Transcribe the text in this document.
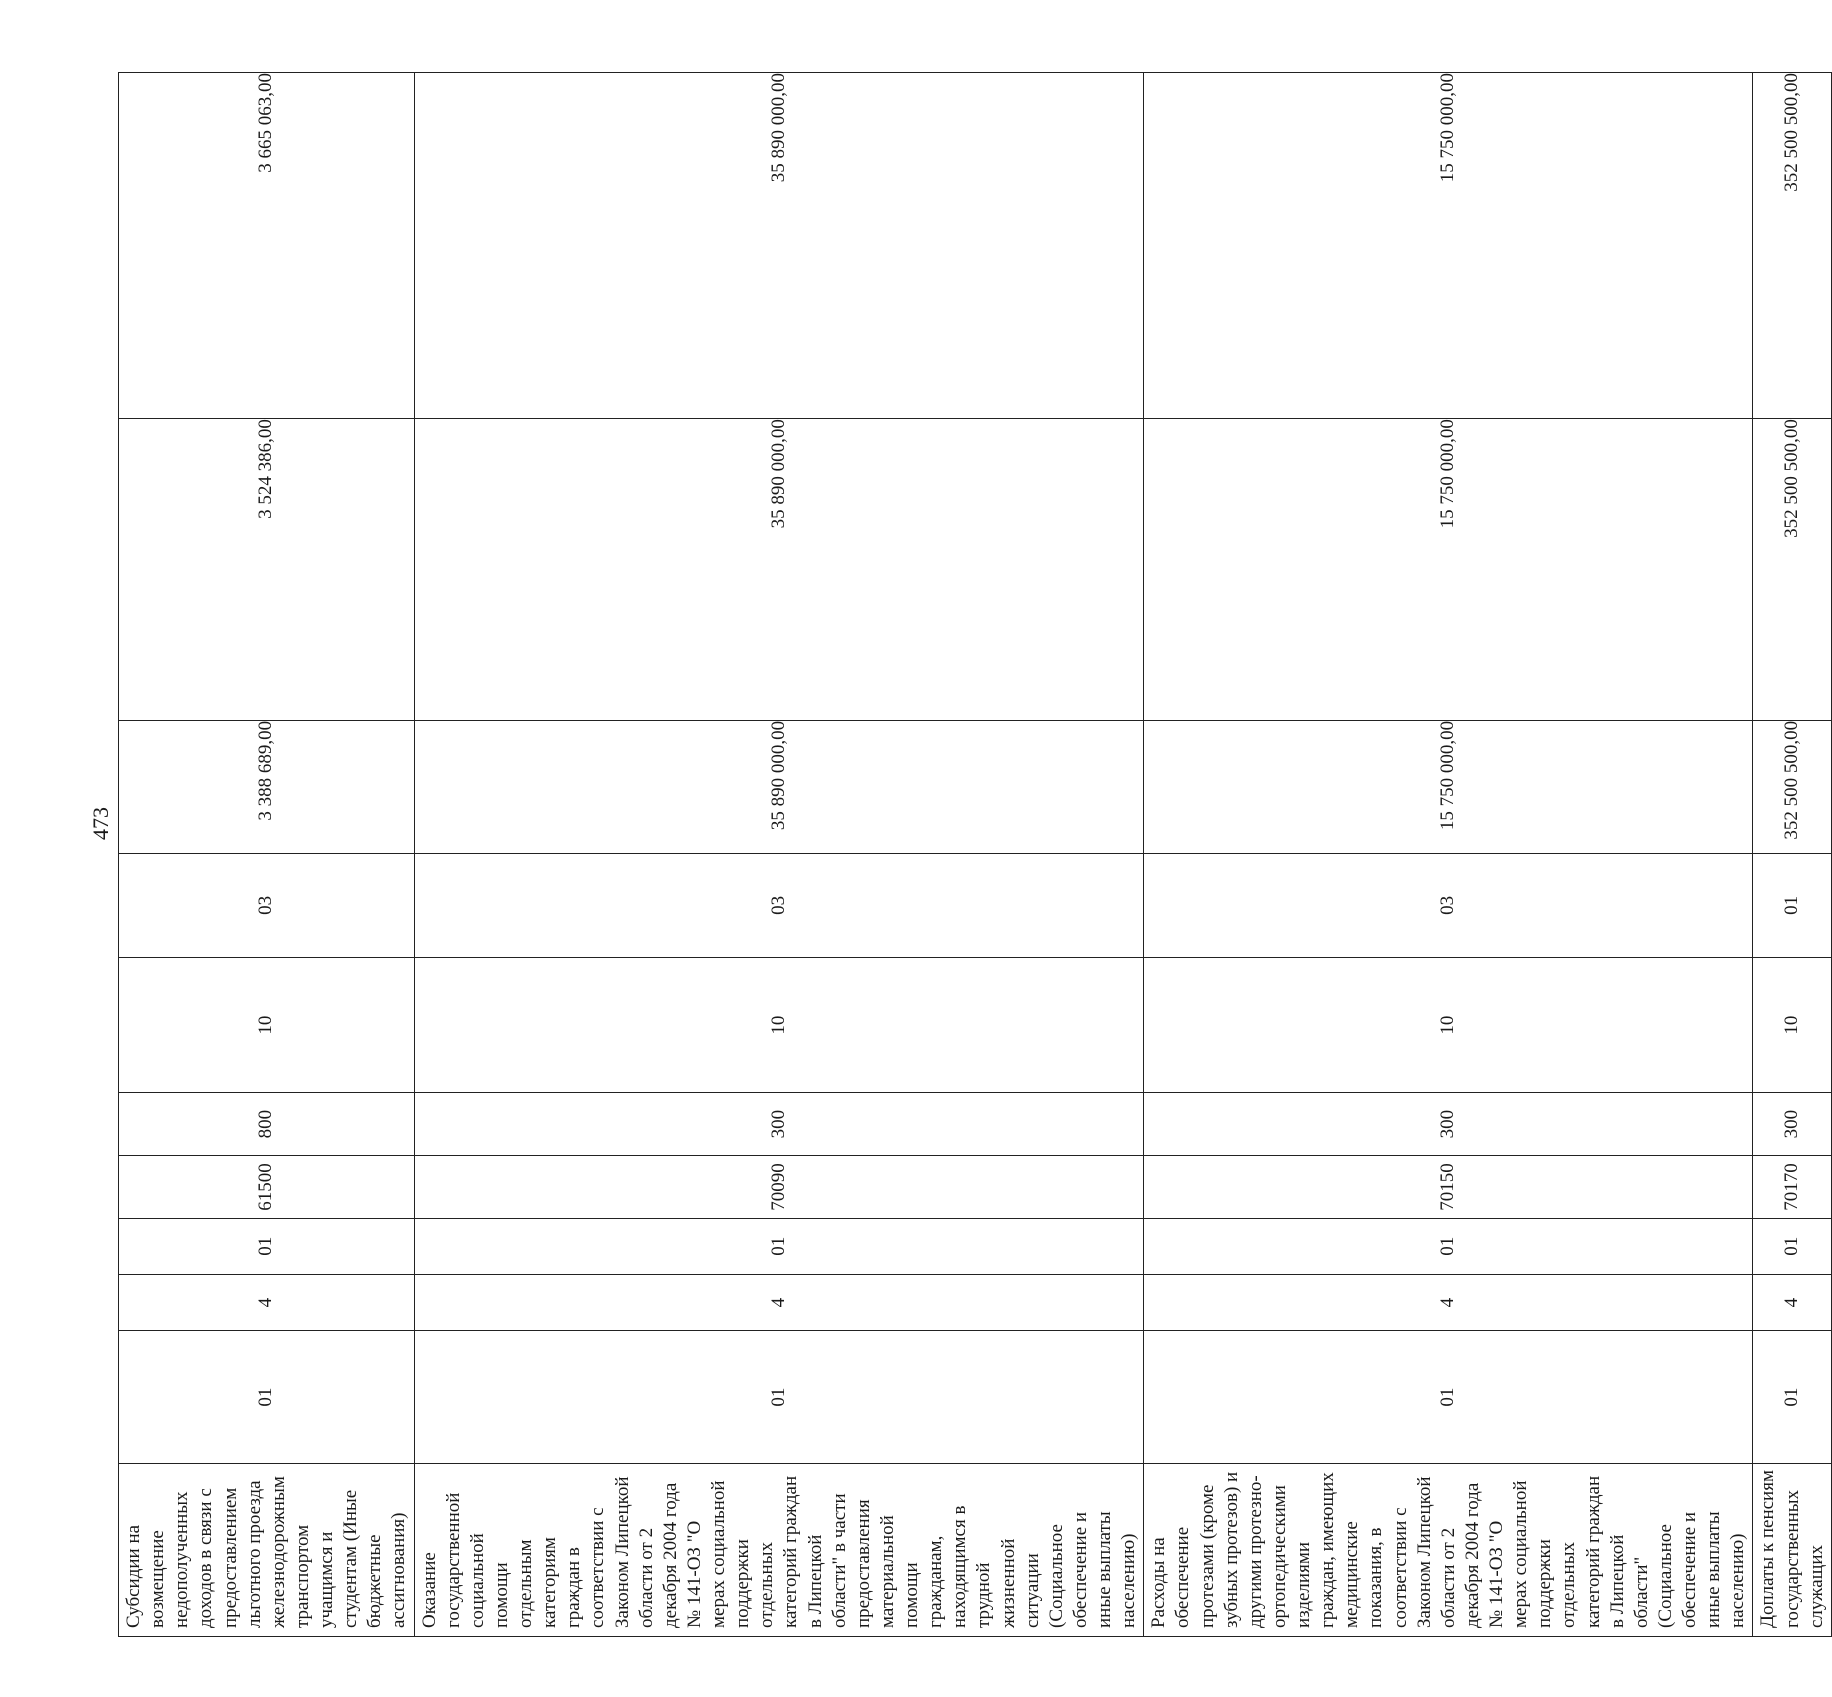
473
Субсидии на возмещение недополученных доходов в связи с предоставлением льготного проезда железнодорожным транспортом учащимся и студентам (Иные бюджетные ассигнования)	01	4	01	61500	800	10	03	3 388 689,00	3 524 386,00	3 665 063,00
Оказание государственной социальной помощи отдельным категориям граждан в соответствии с Законом Липецкой области от 2 декабря 2004 года № 141-ОЗ "О мерах социальной поддержки отдельных категорий граждан в Липецкой области" в части предоставления материальной помощи гражданам, находящимся в трудной жизненной ситуации (Социальное обеспечение и иные выплаты населению)	01	4	01	70090	300	10	03	35 890 000,00	35 890 000,00	35 890 000,00
Расходы на обеспечение протезами (кроме зубных протезов) и другими протезно-ортопедическими изделиями граждан, имеющих медицинские показания, в соответствии с Законом Липецкой области от 2 декабря 2004 года № 141-ОЗ "О мерах социальной поддержки отдельных категорий граждан в Липецкой области" (Социальное обеспечение и иные выплаты населению)	01	4	01	70150	300	10	03	15 750 000,00	15 750 000,00	15 750 000,00
Доплаты к пенсиям государственных служащих	01	4	01	70170	300	10	01	352 500 500,00	352 500 500,00	352 500 500,00
